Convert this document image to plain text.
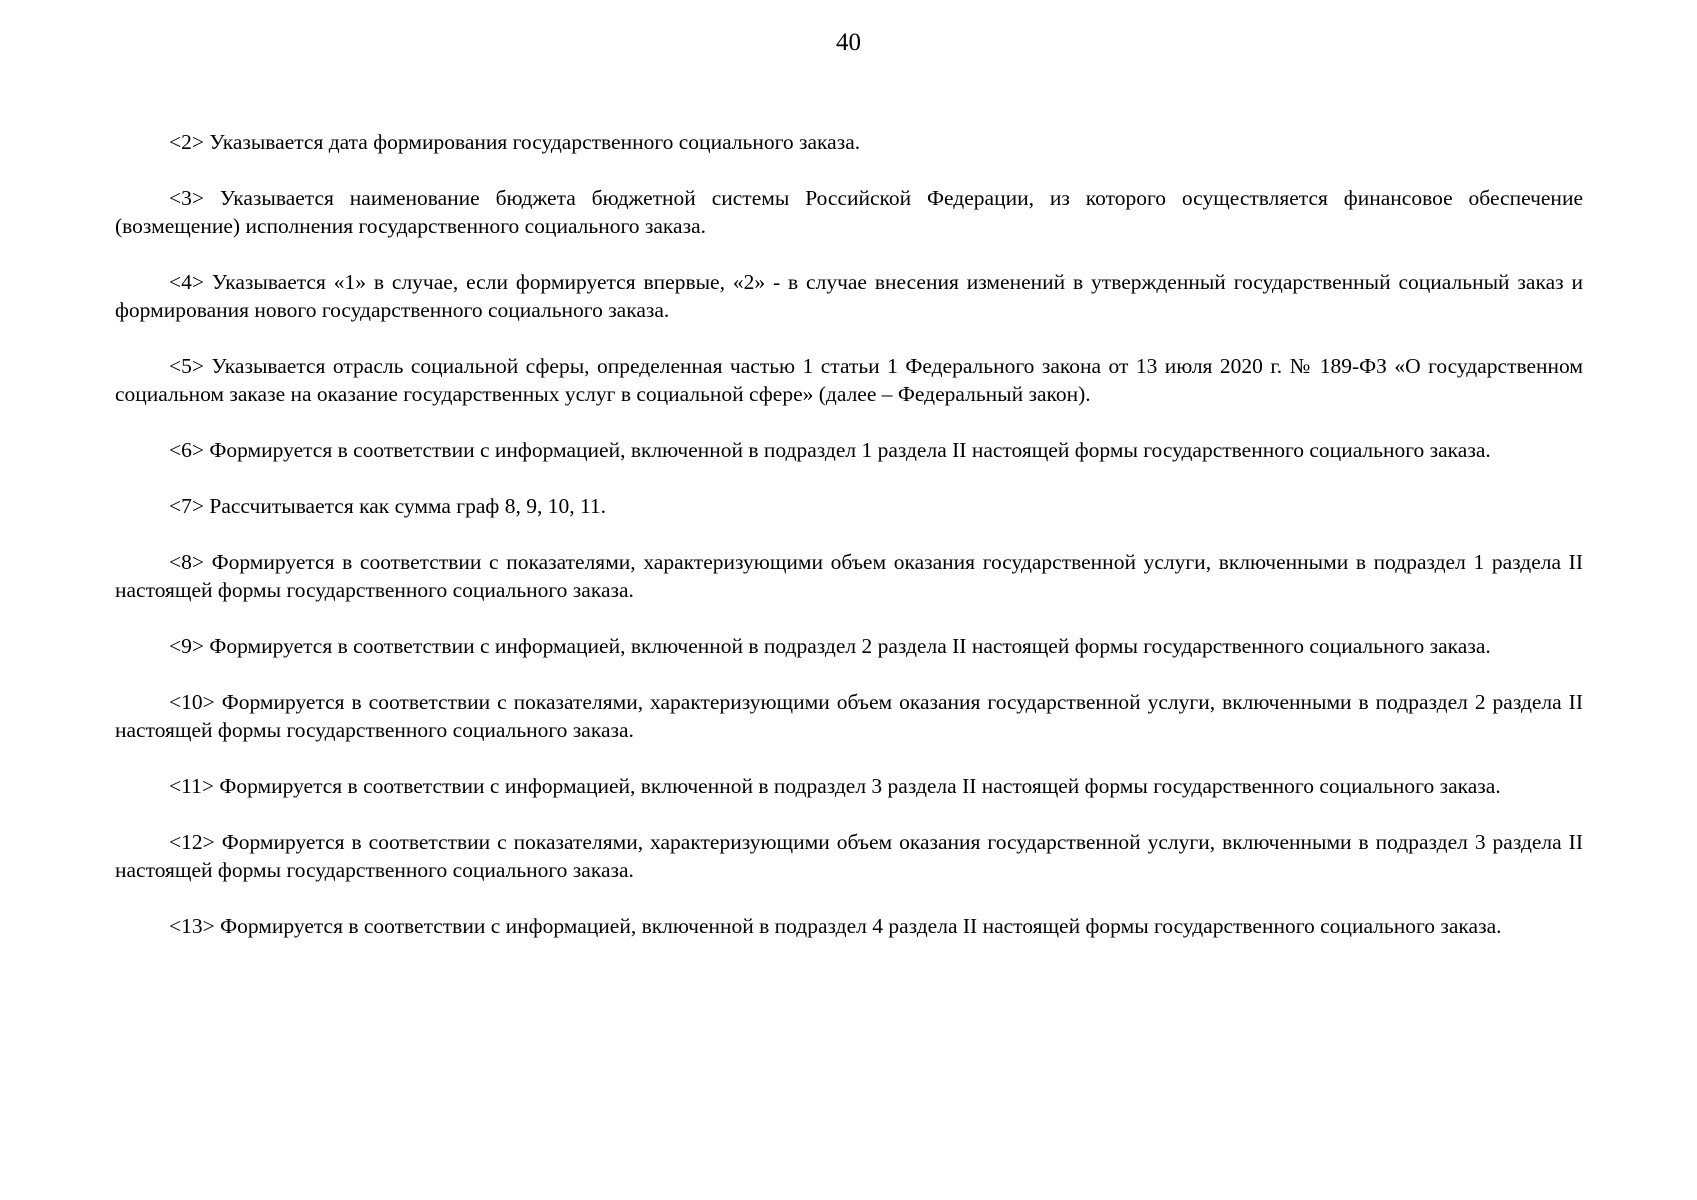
40

<2> Указывается дата формирования государственного социального заказа.

<3> Указывается наименование бюджета бюджетной системы Российской Федерации, из которого осуществляется финансовое обеспечение (возмещение) исполнения государственного социального заказа.

<4> Указывается «1» в случае, если формируется впервые, «2» - в случае внесения изменений в утвержденный государственный социальный заказ и формирования нового государственного социального заказа.

<5> Указывается отрасль социальной сферы, определенная частью 1 статьи 1 Федерального закона от 13 июля 2020 г. № 189-ФЗ «О государственном социальном заказе на оказание государственных услуг в социальной сфере» (далее – Федеральный закон).

<6> Формируется в соответствии с информацией, включенной в подраздел 1 раздела II настоящей формы государственного социального заказа.

<7> Рассчитывается как сумма граф 8, 9, 10, 11.

<8> Формируется в соответствии с показателями, характеризующими объем оказания государственной услуги, включенными в подраздел 1 раздела II настоящей формы государственного социального заказа.

<9> Формируется в соответствии с информацией, включенной в подраздел 2 раздела II настоящей формы государственного социального заказа.

<10> Формируется в соответствии с показателями, характеризующими объем оказания государственной услуги, включенными в подраздел 2 раздела II настоящей формы государственного социального заказа.

<11> Формируется в соответствии с информацией, включенной в подраздел 3 раздела II настоящей формы государственного социального заказа.

<12> Формируется в соответствии с показателями, характеризующими объем оказания государственной услуги, включенными в подраздел 3 раздела II настоящей формы государственного социального заказа.

<13> Формируется в соответствии с информацией, включенной в подраздел 4 раздела II настоящей формы государственного социального заказа.
